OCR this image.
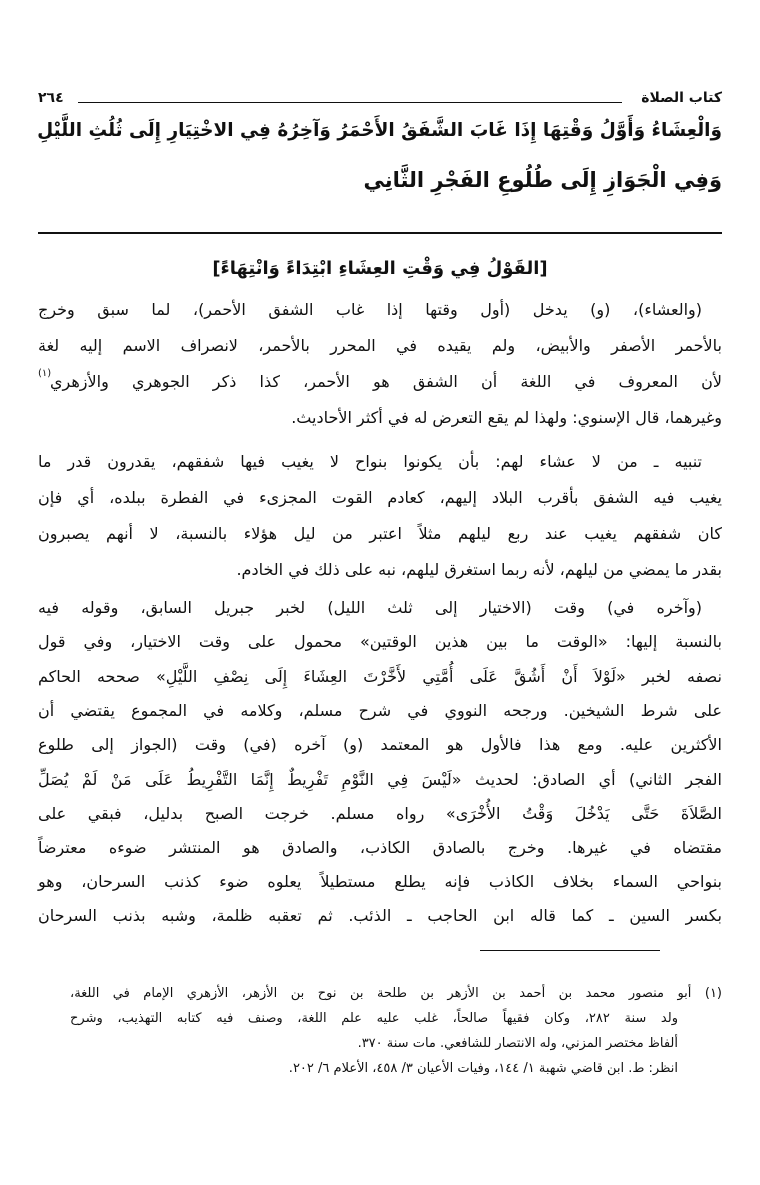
كتاب الصلاة
٢٦٤
وَالْعِشَاءُ وَأَوَّلُ وَقْتِهَا إِذَا غَابَ الشَّفَقُ الأَحْمَرُ وَآخِرُهُ فِي الاخْتِيَارِ إِلَى ثُلُثِ اللَّيْلِ
وَفِي الْجَوَازِ إِلَى طُلُوعِ الفَجْرِ الثَّانِي
[القَوْلُ فِي وَقْتِ العِشَاءِ ابْتِدَاءً وَانْتِهَاءً]
(والعشاء)، (و) يدخل (أول وقتها إذا غاب الشفق الأحمر)، لما سبق وخرج
بالأحمر الأصفر والأبيض، ولم يقيده في المحرر بالأحمر، لانصراف الاسم إليه لغة
لأن المعروف في اللغة أن الشفق هو الأحمر، كذا ذكر الجوهري والأزهري
(١)
وغيرهما، قال الإسنوي: ولهذا لم يقع التعرض له في أكثر الأحاديث.
تنبيه ـ من لا عشاء لهم: بأن يكونوا بنواح لا يغيب فيها شفقهم، يقدرون قدر ما
يغيب فيه الشفق بأقرب البلاد إليهم، كعادم القوت المجزىء في الفطرة ببلده، أي فإن
كان شفقهم يغيب عند ربع ليلهم مثلاً اعتبر من ليل هؤلاء بالنسبة، لا أنهم يصبرون
بقدر ما يمضي من ليلهم، لأنه ربما استغرق ليلهم، نبه على ذلك في الخادم.
(وآخره في) وقت (الاختيار إلى ثلث الليل) لخبر جبريل السابق، وقوله فيه
بالنسبة إليها: «الوقت ما بين هذين الوقتين» محمول على وقت الاختيار، وفي قول
نصفه لخبر «لَوْلاَ أَنْ أَشُقَّ عَلَى أُمَّتِي لأَخَّرْتَ العِشَاءَ إِلَى نِصْفِ اللَّيْلِ» صححه الحاكم
على شرط الشيخين. ورجحه النووي في شرح مسلم، وكلامه في المجموع يقتضي أن
الأكثرين عليه. ومع هذا فالأول هو المعتمد (و) آخره (في) وقت (الجواز إلى طلوع
الفجر الثاني) أي الصادق: لحديث «لَيْسَ فِي النَّوْمِ تَفْرِيطٌ إِنَّمَا التَّفْرِيطُ عَلَى مَنْ لَمْ يُصَلِّ
الصَّلاَةَ حَتَّى يَدْخُلَ وَقْتُ الأُخْرَى» رواه مسلم. خرجت الصبح بدليل، فبقي على
مقتضاه في غيرها. وخرج بالصادق الكاذب، والصادق هو المنتشر ضوءه معترضاً
بنواحي السماء بخلاف الكاذب فإنه يطلع مستطيلاً يعلوه ضوء كذنب السرحان، وهو
بكسر السين ـ كما قاله ابن الحاجب ـ الذئب. ثم تعقبه ظلمة، وشبه بذنب السرحان
(١) أبو منصور محمد بن أحمد بن الأزهر بن طلحة بن نوح بن الأزهر، الأزهري الإمام في اللغة،
ولد سنة ٢٨٢، وكان فقيهاً صالحاً، غلب عليه علم اللغة، وصنف فيه كتابه التهذيب، وشرح
ألفاظ مختصر المزني، وله الانتصار للشافعي. مات سنة ٣٧٠.
انظر: ط. ابن قاضي شهبة ١/ ١٤٤، وفيات الأعيان ٣/ ٤٥٨، الأعلام ٦/ ٢٠٢.
